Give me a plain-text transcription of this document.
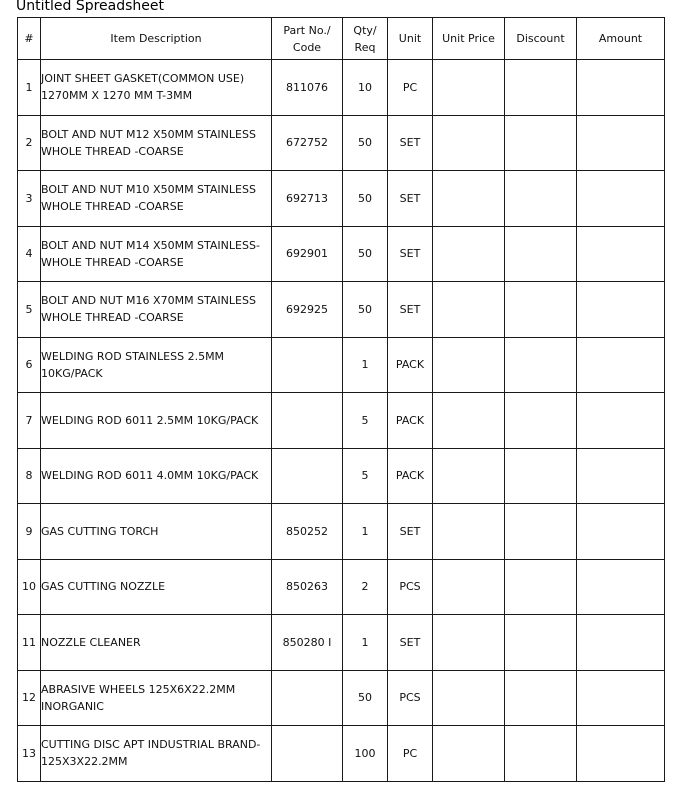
Untitled Spreadsheet
#	Item Description	Part No./
Code	Qty/
Req	Unit	Unit Price	Discount	Amount
1	JOINT SHEET GASKET(COMMON USE)
1270MM X 1270 MM T-3MM	811076	10	PC			
2	BOLT AND NUT M12 X50MM STAINLESS
WHOLE THREAD -COARSE	672752	50	SET			
3	BOLT AND NUT M10 X50MM STAINLESS
WHOLE THREAD -COARSE	692713	50	SET			
4	BOLT AND NUT M14 X50MM STAINLESS-
WHOLE THREAD -COARSE	692901	50	SET			
5	BOLT AND NUT M16 X70MM STAINLESS
WHOLE THREAD -COARSE	692925	50	SET			
6	WELDING ROD STAINLESS 2.5MM
10KG/PACK		1	PACK			
7	WELDING ROD 6011 2.5MM 10KG/PACK		5	PACK			
8	WELDING ROD 6011 4.0MM 10KG/PACK		5	PACK			
9	GAS CUTTING TORCH	850252	1	SET			
10	GAS CUTTING NOZZLE	850263	2	PCS			
11	NOZZLE CLEANER	850280 I	1	SET			
12	ABRASIVE WHEELS 125X6X22.2MM
INORGANIC		50	PCS			
13	CUTTING DISC APT INDUSTRIAL BRAND-
125X3X22.2MM		100	PC			
